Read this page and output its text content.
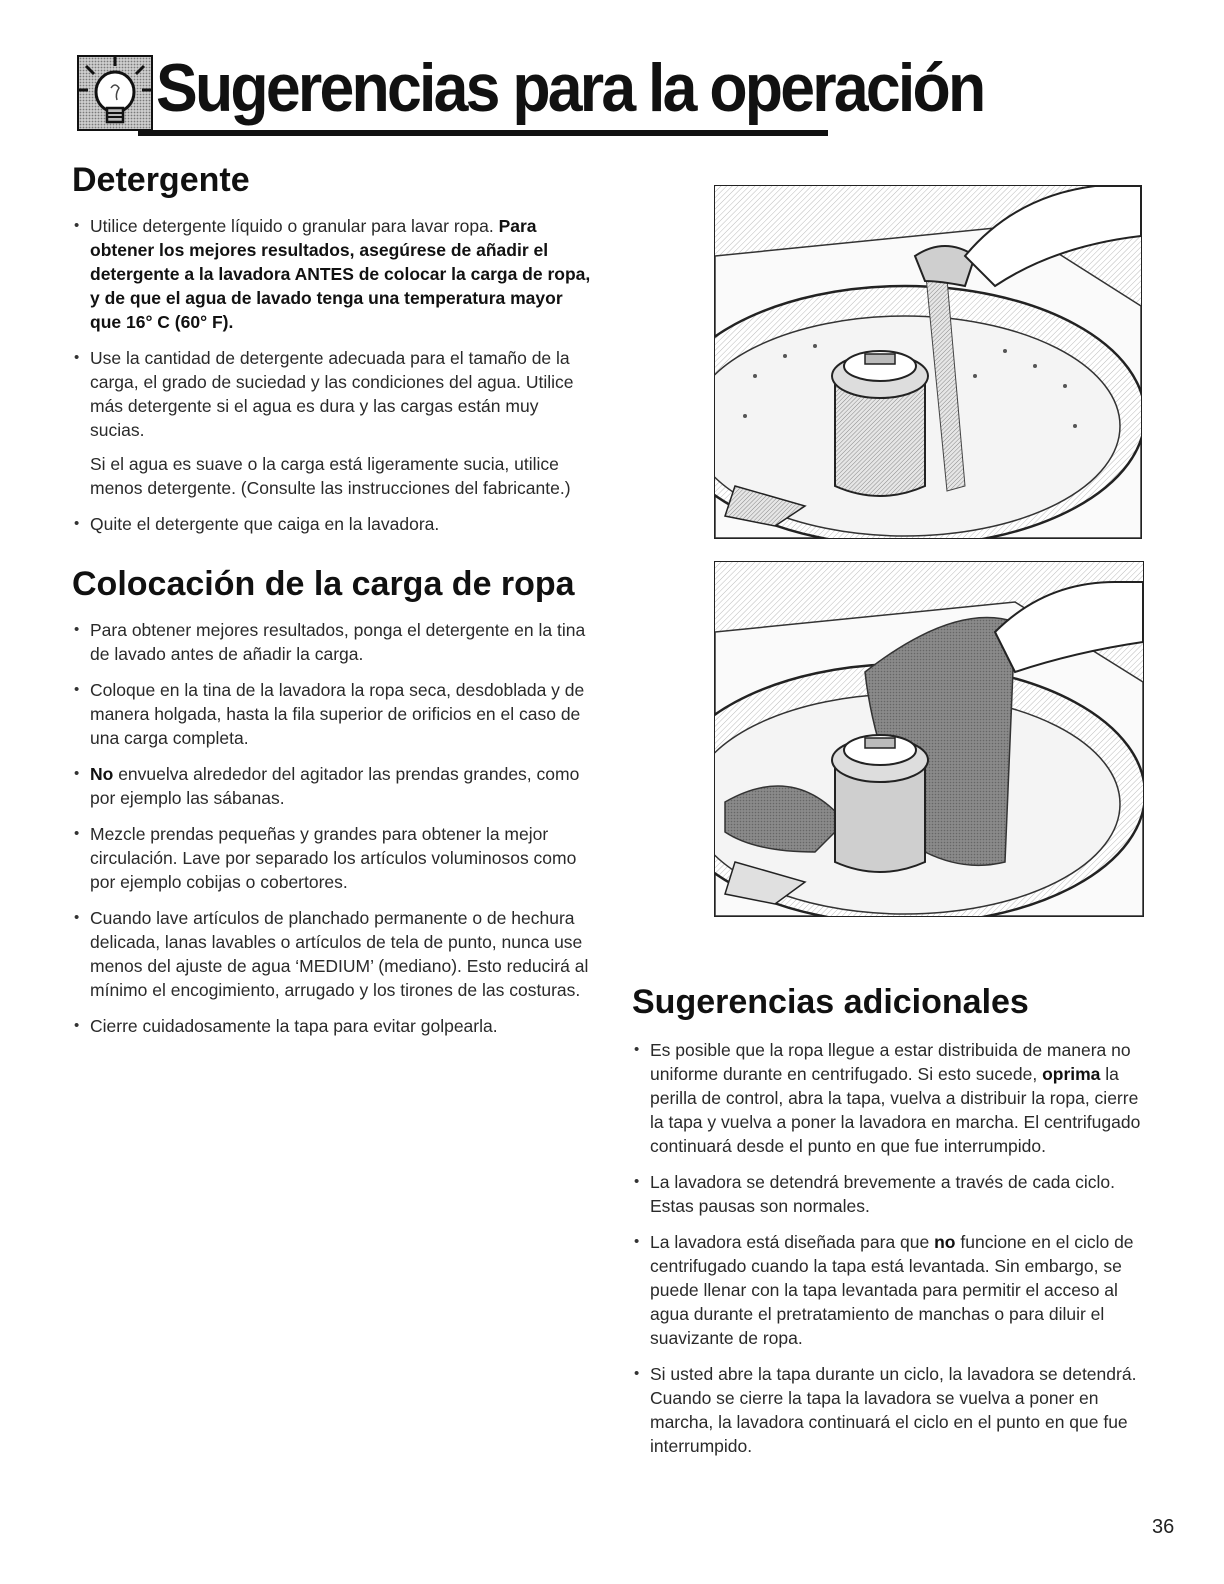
Sugerencias para la operación
Detergente
• Utilice detergente líquido o granular para lavar ropa. Para obtener los mejores resultados, asegúrese de añadir el detergente a la lavadora ANTES de colocar la carga de ropa, y de que el agua de lavado tenga una temperatura mayor que 16° C (60° F).
• Use la cantidad de detergente adecuada para el tamaño de la carga, el grado de suciedad y las condiciones del agua. Utilice más detergente si el agua es dura y las cargas están muy sucias.
Si el agua es suave o la carga está ligeramente sucia, utilice menos detergente. (Consulte las instrucciones del fabricante.)
• Quite el detergente que caiga en la lavadora.
Colocación de la carga de ropa
• Para obtener mejores resultados, ponga el detergente en la tina de lavado antes de añadir la carga.
• Coloque en la tina de la lavadora la ropa seca, desdoblada y de manera holgada, hasta la fila superior de orificios en el caso de una carga completa.
• No envuelva alrededor del agitador las prendas grandes, como por ejemplo las sábanas.
• Mezcle prendas pequeñas y grandes para obtener la mejor circulación. Lave por separado los artículos voluminosos como por ejemplo cobijas o cobertores.
• Cuando lave artículos de planchado permanente o de hechura delicada, lanas lavables o artículos de tela de punto, nunca use menos del ajuste de agua ‘MEDIUM’ (mediano). Esto reducirá al mínimo el encogimiento, arrugado y los tirones de las costuras.
• Cierre cuidadosamente la tapa para evitar golpearla.
Sugerencias adicionales
• Es posible que la ropa llegue a estar distribuida de manera no uniforme durante en centrifugado. Si esto sucede, oprima la perilla de control, abra la tapa, vuelva a distribuir la ropa, cierre la tapa y vuelva a poner la lavadora en marcha. El centrifugado continuará desde el punto en que fue interrumpido.
• La lavadora se detendrá brevemente a través de cada ciclo. Estas pausas son normales.
• La lavadora está diseñada para que no funcione en el ciclo de centrifugado cuando la tapa está levantada. Sin embargo, se puede llenar con la tapa levantada para permitir el acceso al agua durante el pretratamiento de manchas o para diluir el suavizante de ropa.
• Si usted abre la tapa durante un ciclo, la lavadora se detendrá. Cuando se cierre la tapa la lavadora se vuelva a poner en marcha, la lavadora continuará el ciclo en el punto en que fue interrumpido.
36
